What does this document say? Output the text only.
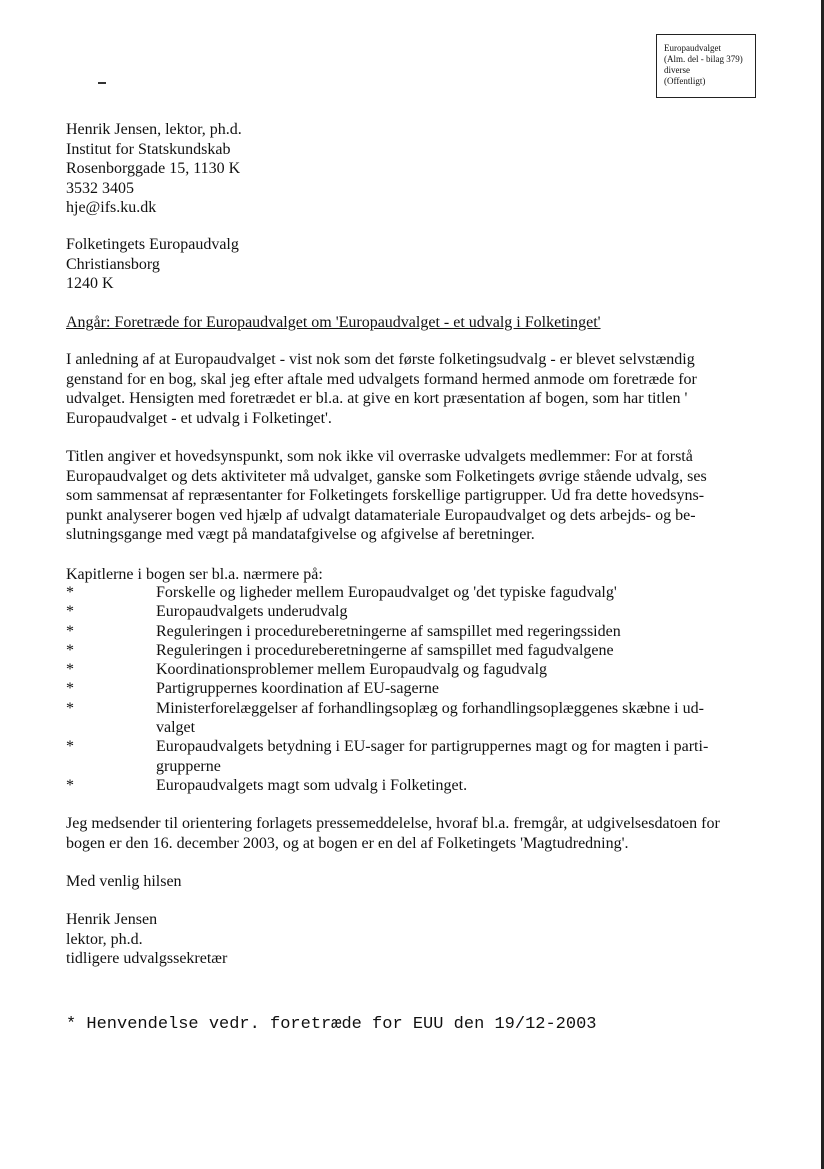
Europaudvalget
(Alm. del - bilag 379)
diverse
(Offentligt)
Henrik Jensen, lektor, ph.d.
Institut for Statskundskab
Rosenborggade 15, 1130 K
3532 3405
hje@ifs.ku.dk
Folketingets Europaudvalg
Christiansborg
1240 K
Angår: Foretræde for Europaudvalget om 'Europaudvalget - et udvalg i Folketinget'
I anledning af at Europaudvalget - vist nok som det første folketingsudvalg - er blevet selvstændig genstand for en bog, skal jeg efter aftale med udvalgets formand hermed anmode om foretræde for udvalget. Hensigten med foretrædet er bl.a. at give en kort præsentation af bogen, som har titlen ' Europaudvalget - et udvalg i Folketinget'.
Titlen angiver et hovedsynspunkt, som nok ikke vil overraske udvalgets medlemmer: For at forstå Europaudvalget og dets aktiviteter må udvalget, ganske som Folketingets øvrige stående udvalg, ses som sammensat af repræsentanter for Folketingets forskellige partigrupper. Ud fra dette hovedsyns-punkt analyserer bogen ved hjælp af udvalgt datamateriale Europaudvalget og dets arbejds- og be-slutningsgange med vægt på mandatafgivelse og afgivelse af beretninger.
Kapitlerne i bogen ser bl.a. nærmere på:
*	Forskelle og ligheder mellem Europaudvalget og 'det typiske fagudvalg'
*	Europaudvalgets underudvalg
*	Reguleringen i procedureberetningerne af samspillet med regeringssiden
*	Reguleringen i procedureberetningerne af samspillet med fagudvalgene
*	Koordinationsproblemer mellem Europaudvalg og fagudvalg
*	Partigruppernes koordination af EU-sagerne
*	Ministerforelæggelser af forhandlingsoplæg og forhandlingsoplæggenes skæbne i ud-valget
*	Europaudvalgets betydning i EU-sager for partigruppernes magt og for magten i parti-grupperne
*	Europaudvalgets magt som udvalg i Folketinget.
Jeg medsender til orientering forlagets pressemeddelelse, hvoraf bl.a. fremgår, at udgivelsesdatoen for bogen er den 16. december 2003, og at bogen er en del af Folketingets 'Magtudredning'.
Med venlig hilsen
Henrik Jensen
lektor, ph.d.
tidligere udvalgssekretær
* Henvendelse vedr. foretræde for EUU den 19/12-2003
